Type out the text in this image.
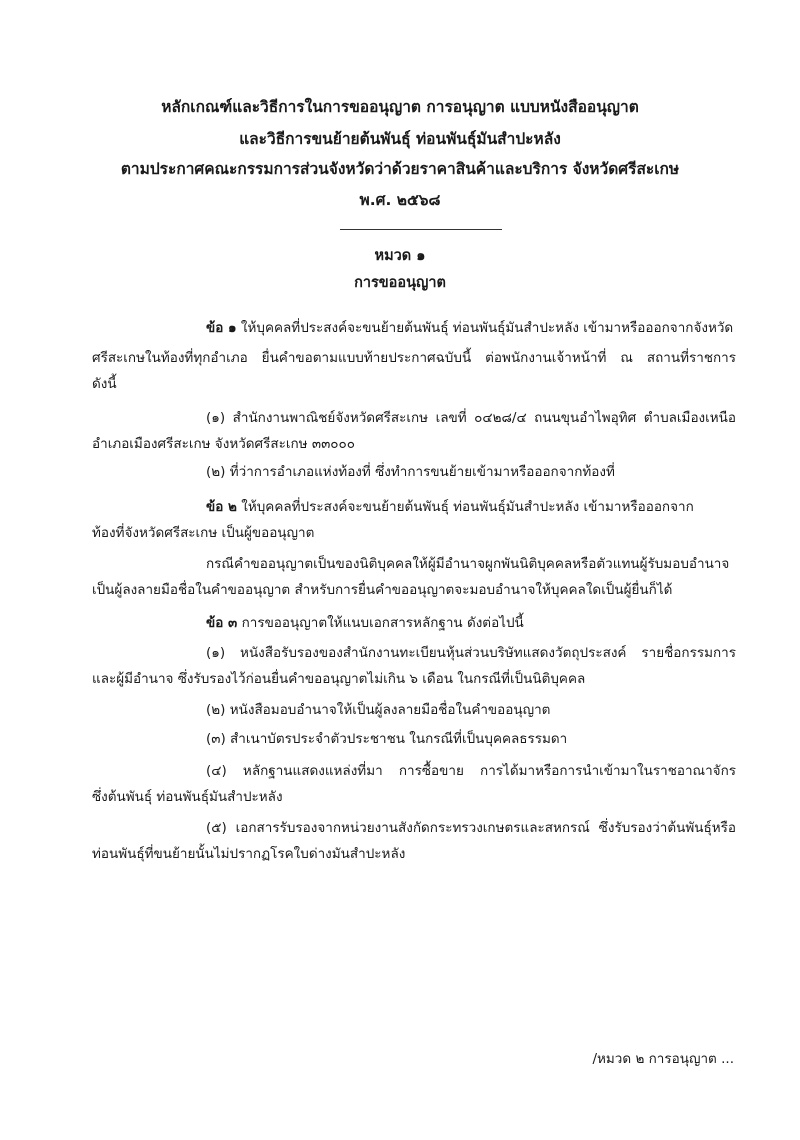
หลักเกณฑ์และวิธีการในการขออนุญาต การอนุญาต แบบหนังสืออนุญาต
และวิธีการขนย้ายต้นพันธุ์ ท่อนพันธุ์มันสำปะหลัง
ตามประกาศคณะกรรมการส่วนจังหวัดว่าด้วยราคาสินค้าและบริการ จังหวัดศรีสะเกษ
พ.ศ. ๒๕๖๘
หมวด ๑
การขออนุญาต
ข้อ ๑ ให้บุคคลที่ประสงค์จะขนย้ายต้นพันธุ์ ท่อนพันธุ์มันสำปะหลัง เข้ามาหรือออกจากจังหวัด
ศรีสะเกษในท้องที่ทุกอำเภอ ยื่นคำขอตามแบบท้ายประกาศฉบับนี้ ต่อพนักงานเจ้าหน้าที่ ณ สถานที่ราชการ
ดังนี้
(๑) สำนักงานพาณิชย์จังหวัดศรีสะเกษ เลขที่ ๐๔๒๘/๔ ถนนขุนอำไพอุทิศ ตำบลเมืองเหนือ
อำเภอเมืองศรีสะเกษ จังหวัดศรีสะเกษ ๓๓๐๐๐
(๒) ที่ว่าการอำเภอแห่งท้องที่ ซึ่งทำการขนย้ายเข้ามาหรือออกจากท้องที่
ข้อ ๒ ให้บุคคลที่ประสงค์จะขนย้ายต้นพันธุ์ ท่อนพันธุ์มันสำปะหลัง เข้ามาหรือออกจาก
ท้องที่จังหวัดศรีสะเกษ เป็นผู้ขออนุญาต
กรณีคำขออนุญาตเป็นของนิติบุคคลให้ผู้มีอำนาจผูกพันนิติบุคคลหรือตัวแทนผู้รับมอบอำนาจ
เป็นผู้ลงลายมือชื่อในคำขออนุญาต สำหรับการยื่นคำขออนุญาตจะมอบอำนาจให้บุคคลใดเป็นผู้ยื่นก็ได้
ข้อ ๓ การขออนุญาตให้แนบเอกสารหลักฐาน ดังต่อไปนี้
(๑) หนังสือรับรองของสำนักงานทะเบียนหุ้นส่วนบริษัทแสดงวัตถุประสงค์ รายชื่อกรรมการ
และผู้มีอำนาจ ซึ่งรับรองไว้ก่อนยื่นคำขออนุญาตไม่เกิน ๖ เดือน ในกรณีที่เป็นนิติบุคคล
(๒) หนังสือมอบอำนาจให้เป็นผู้ลงลายมือชื่อในคำขออนุญาต
(๓) สำเนาบัตรประจำตัวประชาชน ในกรณีที่เป็นบุคคลธรรมดา
(๔) หลักฐานแสดงแหล่งที่มา การซื้อขาย การได้มาหรือการนำเข้ามาในราชอาณาจักร
ซึ่งต้นพันธุ์ ท่อนพันธุ์มันสำปะหลัง
(๕) เอกสารรับรองจากหน่วยงานสังกัดกระทรวงเกษตรและสหกรณ์ ซึ่งรับรองว่าต้นพันธุ์หรือ
ท่อนพันธุ์ที่ขนย้ายนั้นไม่ปรากฏโรคใบด่างมันสำปะหลัง
/หมวด ๒ การอนุญาต ...
